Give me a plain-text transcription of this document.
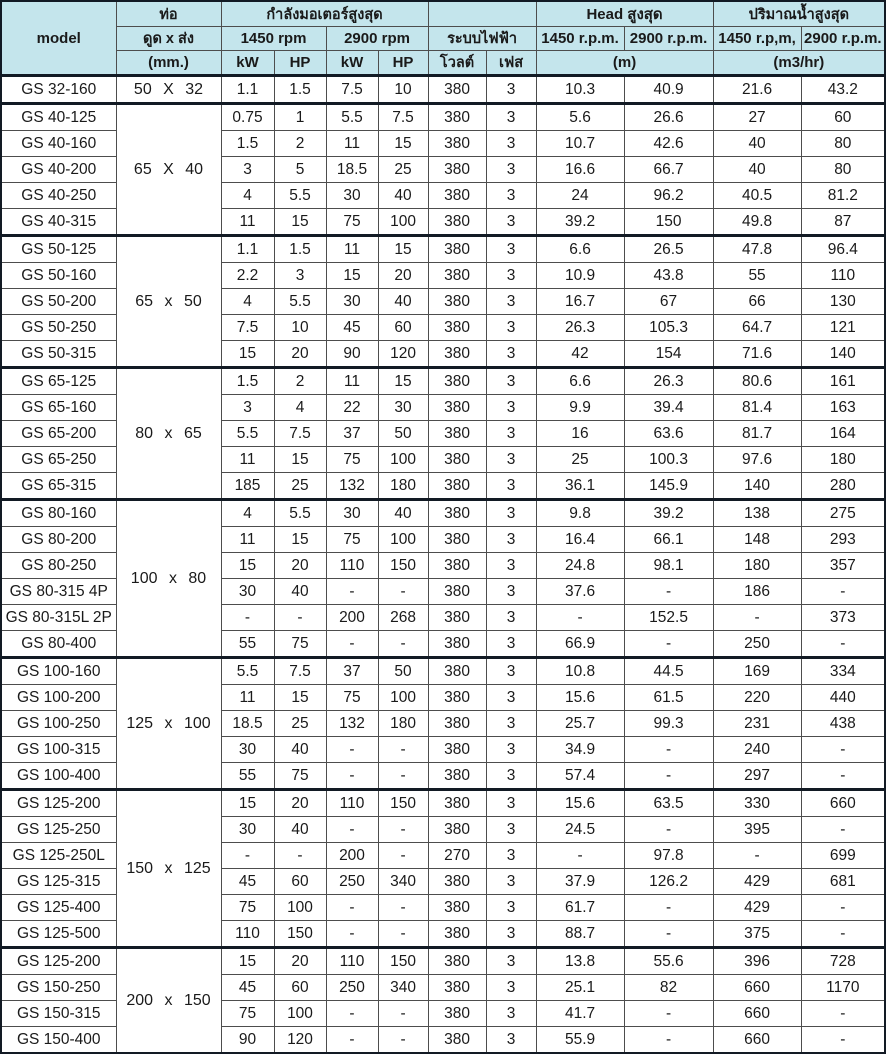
model	ท่อ	กำลังมอเตอร์สูงสุด						Head สูงสุด		ปริมาณน้ำสูงสุด	
	ดูด x ส่ง	1450 rpm		2900 rpm		ระบบไฟฟ้า		1450 r.p.m.	2900 r.p.m.	1450 r.p,m,	2900 r.p.m.
	(mm.)	kW	HP	kW	HP	โวลต์	เฟส	(m)		(m3/hr)	
GS 32-160	50 X 32	1.1	1.5	7.5	10	380	3	10.3	40.9	21.6	43.2
GS 40-125	65 X 40	0.75	1	5.5	7.5	380	3	5.6	26.6	27	60
GS 40-160		1.5	2	11	15	380	3	10.7	42.6	40	80
GS 40-200		3	5	18.5	25	380	3	16.6	66.7	40	80
GS 40-250		4	5.5	30	40	380	3	24	96.2	40.5	81.2
GS 40-315		11	15	75	100	380	3	39.2	150	49.8	87
GS 50-125	65 x 50	1.1	1.5	11	15	380	3	6.6	26.5	47.8	96.4
GS 50-160		2.2	3	15	20	380	3	10.9	43.8	55	110
GS 50-200		4	5.5	30	40	380	3	16.7	67	66	130
GS 50-250		7.5	10	45	60	380	3	26.3	105.3	64.7	121
GS 50-315		15	20	90	120	380	3	42	154	71.6	140
GS 65-125	80 x 65	1.5	2	11	15	380	3	6.6	26.3	80.6	161
GS 65-160		3	4	22	30	380	3	9.9	39.4	81.4	163
GS 65-200		5.5	7.5	37	50	380	3	16	63.6	81.7	164
GS 65-250		11	15	75	100	380	3	25	100.3	97.6	180
GS 65-315		185	25	132	180	380	3	36.1	145.9	140	280
GS 80-160	100 x 80	4	5.5	30	40	380	3	9.8	39.2	138	275
GS 80-200		11	15	75	100	380	3	16.4	66.1	148	293
GS 80-250		15	20	110	150	380	3	24.8	98.1	180	357
GS 80-315 4P		30	40	-	-	380	3	37.6	-	186	-
GS 80-315L 2P		-	-	200	268	380	3	-	152.5	-	373
GS 80-400		55	75	-	-	380	3	66.9	-	250	-
GS 100-160	125 x 100	5.5	7.5	37	50	380	3	10.8	44.5	169	334
GS 100-200		11	15	75	100	380	3	15.6	61.5	220	440
GS 100-250		18.5	25	132	180	380	3	25.7	99.3	231	438
GS 100-315		30	40	-	-	380	3	34.9	-	240	-
GS 100-400		55	75	-	-	380	3	57.4	-	297	-
GS 125-200	150 x 125	15	20	110	150	380	3	15.6	63.5	330	660
GS 125-250		30	40	-	-	380	3	24.5	-	395	-
GS 125-250L		-	-	200	-	270	3	-	97.8	-	699
GS 125-315		45	60	250	340	380	3	37.9	126.2	429	681
GS 125-400		75	100	-	-	380	3	61.7	-	429	-
GS 125-500		110	150	-	-	380	3	88.7	-	375	-
GS 125-200	200 x 150	15	20	110	150	380	3	13.8	55.6	396	728
GS 150-250		45	60	250	340	380	3	25.1	82	660	1170
GS 150-315		75	100	-	-	380	3	41.7	-	660	-
GS 150-400		90	120	-	-	380	3	55.9	-	660	-
